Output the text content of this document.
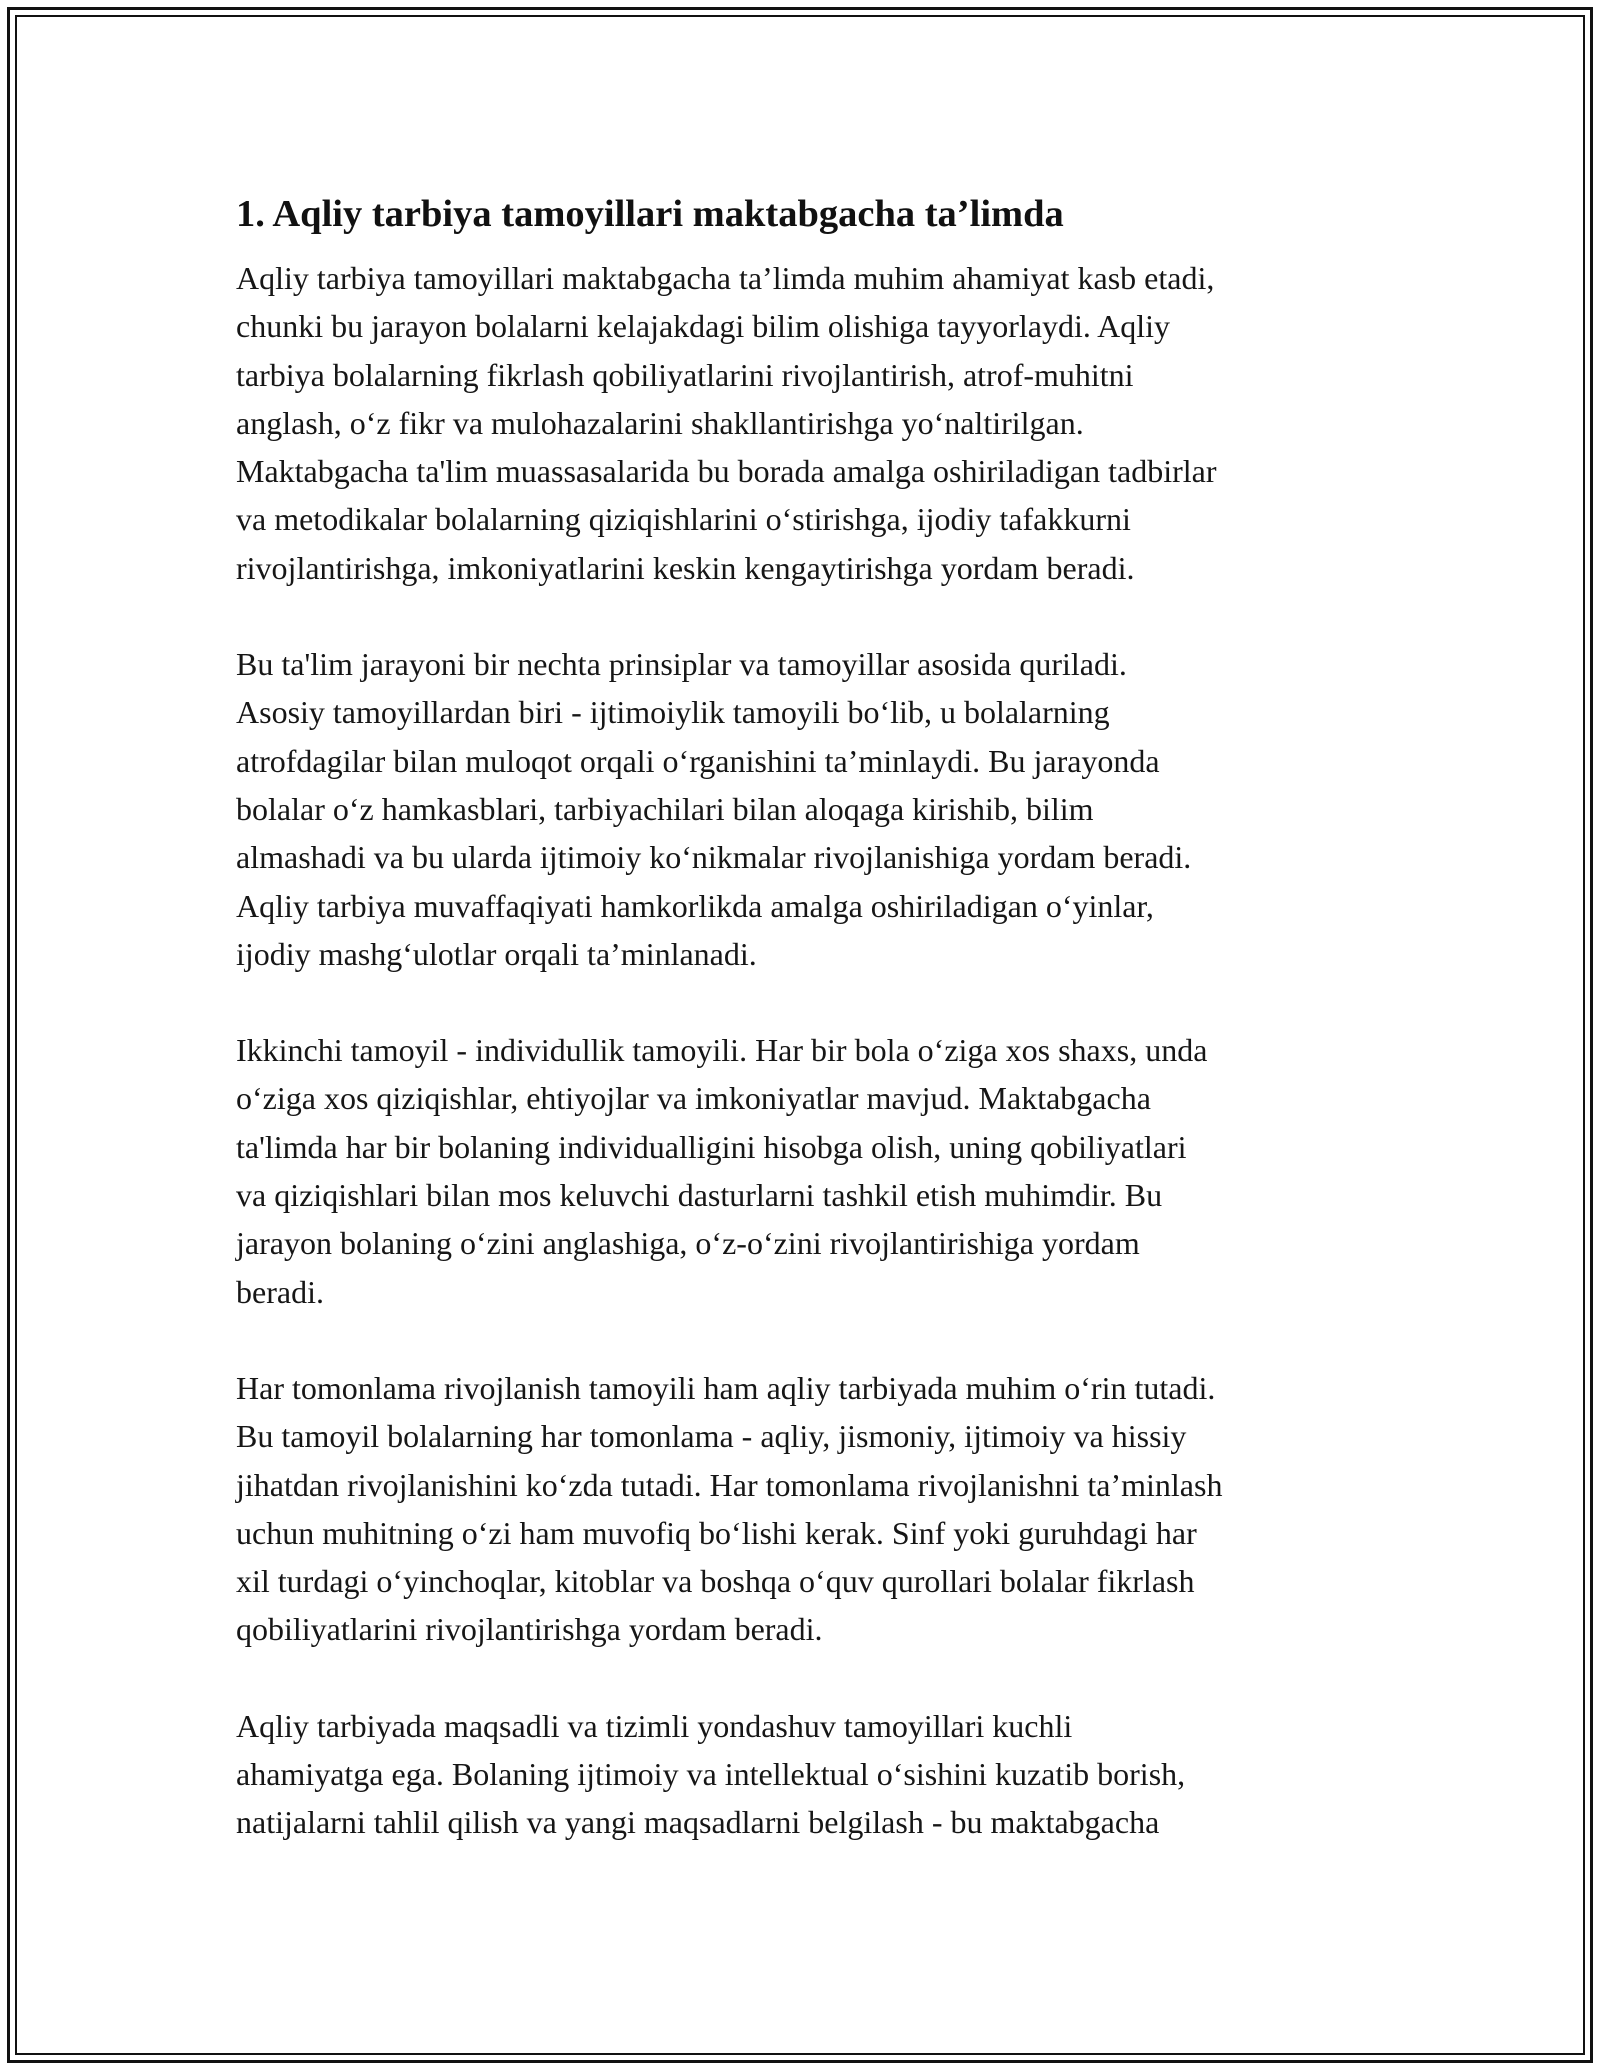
1. Aqliy tarbiya tamoyillari maktabgacha ta’limda

Aqliy tarbiya tamoyillari maktabgacha ta’limda muhim ahamiyat kasb etadi,
chunki bu jarayon bolalarni kelajakdagi bilim olishiga tayyorlaydi. Aqliy
tarbiya bolalarning fikrlash qobiliyatlarini rivojlantirish, atrof-muhitni
anglash, o‘z fikr va mulohazalarini shakllantirishga yo‘naltirilgan.
Maktabgacha ta'lim muassasalarida bu borada amalga oshiriladigan tadbirlar
va metodikalar bolalarning qiziqishlarini o‘stirishga, ijodiy tafakkurni
rivojlantirishga, imkoniyatlarini keskin kengaytirishga yordam beradi.

Bu ta'lim jarayoni bir nechta prinsiplar va tamoyillar asosida quriladi.
Asosiy tamoyillardan biri - ijtimoiylik tamoyili bo‘lib, u bolalarning
atrofdagilar bilan muloqot orqali o‘rganishini ta’minlaydi. Bu jarayonda
bolalar o‘z hamkasblari, tarbiyachilari bilan aloqaga kirishib, bilim
almashadi va bu ularda ijtimoiy ko‘nikmalar rivojlanishiga yordam beradi.
Aqliy tarbiya muvaffaqiyati hamkorlikda amalga oshiriladigan o‘yinlar,
ijodiy mashg‘ulotlar orqali ta’minlanadi.

Ikkinchi tamoyil - individullik tamoyili. Har bir bola o‘ziga xos shaxs, unda
o‘ziga xos qiziqishlar, ehtiyojlar va imkoniyatlar mavjud. Maktabgacha
ta'limda har bir bolaning individualligini hisobga olish, uning qobiliyatlari
va qiziqishlari bilan mos keluvchi dasturlarni tashkil etish muhimdir. Bu
jarayon bolaning o‘zini anglashiga, o‘z-o‘zini rivojlantirishiga yordam
beradi.

Har tomonlama rivojlanish tamoyili ham aqliy tarbiyada muhim o‘rin tutadi.
Bu tamoyil bolalarning har tomonlama - aqliy, jismoniy, ijtimoiy va hissiy
jihatdan rivojlanishini ko‘zda tutadi. Har tomonlama rivojlanishni ta’minlash
uchun muhitning o‘zi ham muvofiq bo‘lishi kerak. Sinf yoki guruhdagi har
xil turdagi o‘yinchoqlar, kitoblar va boshqa o‘quv qurollari bolalar fikrlash
qobiliyatlarini rivojlantirishga yordam beradi.

Aqliy tarbiyada maqsadli va tizimli yondashuv tamoyillari kuchli
ahamiyatga ega. Bolaning ijtimoiy va intellektual o‘sishini kuzatib borish,
natijalarni tahlil qilish va yangi maqsadlarni belgilash - bu maktabgacha
